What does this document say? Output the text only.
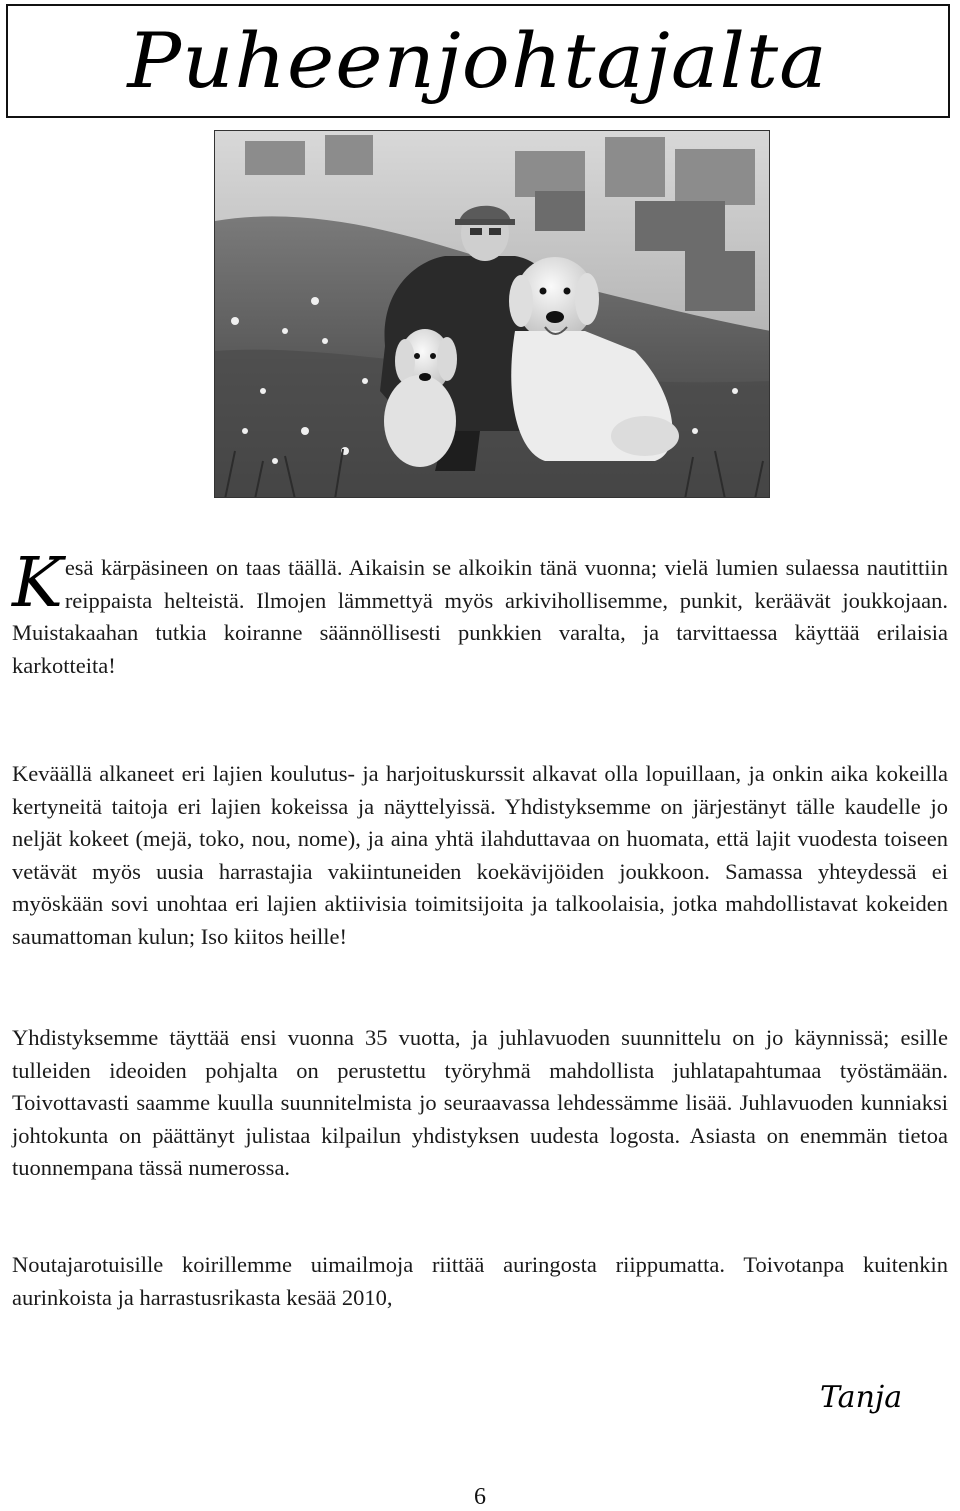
Puheenjohtajalta

Kesä kärpäsineen on taas täällä. Aikaisin se alkoikin tänä vuonna; vielä lumien sulaessa nautittiin reippaista helteistä. Ilmojen lämmettyä myös arkivihollisemme, punkit, keräävät joukkojaan. Muistakaahan tutkia koiranne säännöllisesti punkkien varalta, ja tarvittaessa käyttää erilaisia karkotteita!

Keväällä alkaneet eri lajien koulutus- ja harjoituskurssit alkavat olla lopuillaan, ja onkin aika kokeilla kertyneitä taitoja eri lajien kokeissa ja näyttelyissä. Yhdistyksemme on järjestänyt tälle kaudelle jo neljät kokeet (mejä, toko, nou, nome), ja aina yhtä ilahduttavaa on huomata, että lajit vuodesta toiseen vetävät myös uusia harrastajia vakiintuneiden koekävijöiden joukkoon. Samassa yhteydessä ei myöskään sovi unohtaa eri lajien aktiivisia toimitsijoita ja talkoolaisia, jotka mahdollistavat kokeiden saumattoman kulun; Iso kiitos heille!

Yhdistyksemme täyttää ensi vuonna 35 vuotta, ja juhlavuoden suunnittelu on jo käynnissä; esille tulleiden ideoiden pohjalta on perustettu työryhmä mahdollista juhlatapahtumaa työstämään. Toivottavasti saamme kuulla suunnitelmista jo seuraavassa lehdessämme lisää. Juhlavuoden kunniaksi johtokunta on päättänyt julistaa kilpailun yhdistyksen uudesta logosta. Asiasta on enemmän tietoa tuonnempana tässä numerossa.

Noutajarotuisille koirillemme uimailmoja riittää auringosta riippumatta. Toivotanpa kuitenkin aurinkoista ja harrastusrikasta kesää 2010,

Tanja
6
